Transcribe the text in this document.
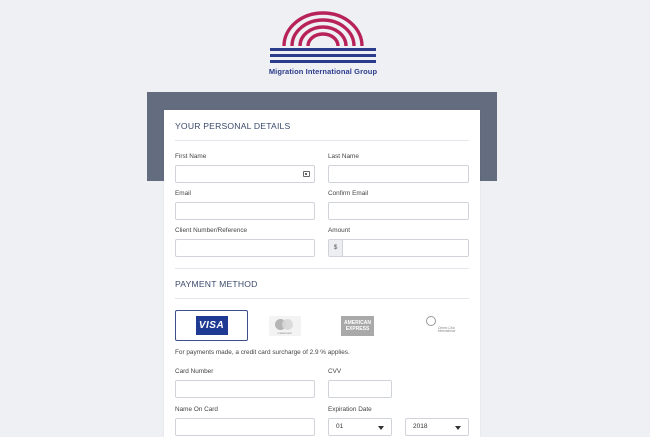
Migration International Group
YOUR PERSONAL DETAILS
First Name	Last Name
Email	Confirm Email
Client Number/Reference	Amount
$
PAYMENT METHOD
VISA
mastercard
AMERICAN EXPRESS	Diners Club International
For payments made, a credit card surcharge of 2.9 % applies.
Card Number	CVV
Name On Card	Expiration Date
01	2018
